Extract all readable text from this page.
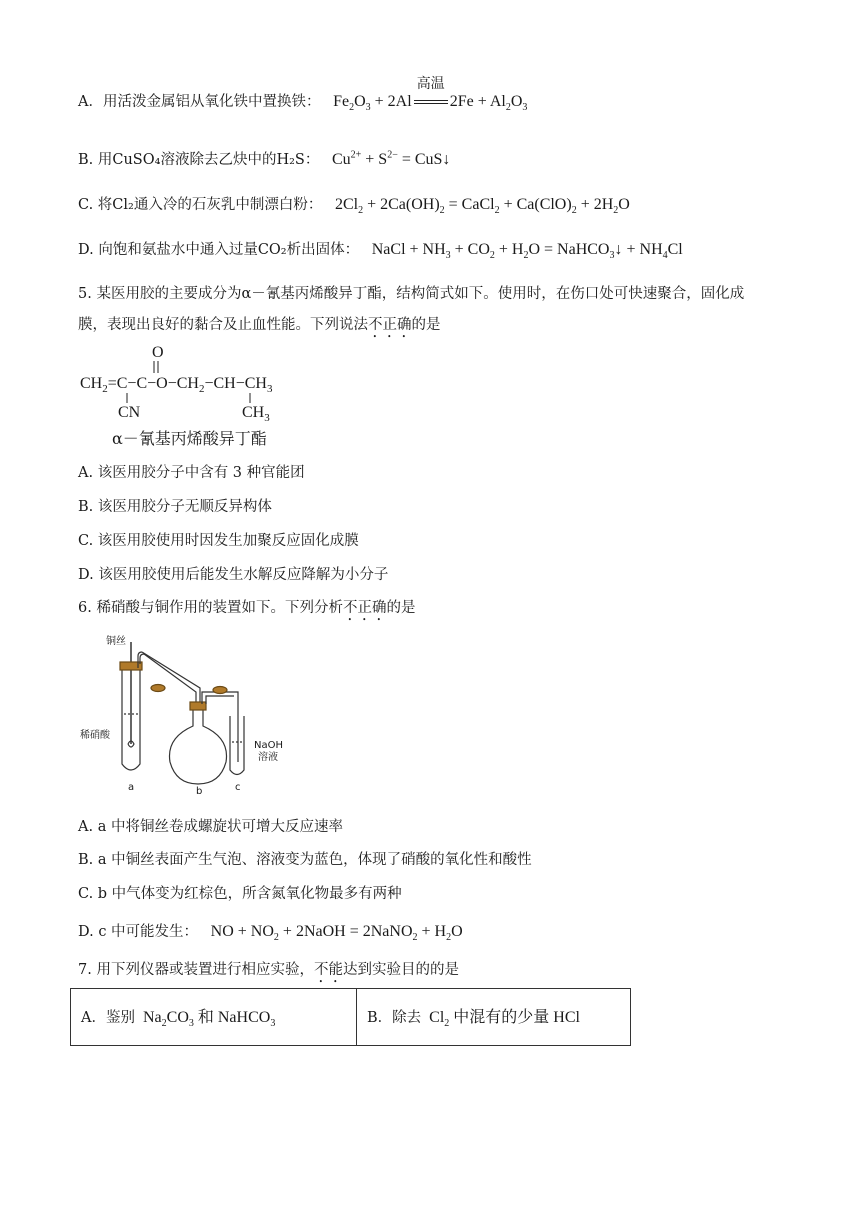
A．用活泼金属铝从氧化铁中置换铁： $Fe_2O_3 + 2Al$
高温
$2Fe + Al_2O_3$
B. 用CuSO₄溶液除去乙炔中的H₂S： $Cu^{2+} + S^{2-}$ = CuS↓
C. 将Cl₂通入冷的石灰乳中制漂白粉： $2Cl_2 + 2Ca(OH)_2$ = CaCl$_2$ + $Ca(ClO)_2 + 2H_2O$
D. 向饱和氨盐水中通入过量CO₂析出固体： NaCl + $NH_3 + CO_2 + H_2O$ = NaHCO$_3$↓ + $NH_4Cl$
5. 某医用胶的主要成分为α－氰基丙烯酸异丁酯，结构简式如下。使用时，在伤口处可快速聚合，固化成
膜，表现出良好的黏合及止血性能。下列说法不正确的是
O
$CH_2=C-C-O-CH_2-CH-CH_3$
CN	$CH_3$
α－氰基丙烯酸异丁酯
A. 该医用胶分子中含有 3 种官能团
B. 该医用胶分子无顺反异构体
C. 该医用胶使用时因发生加聚反应固化成膜
D. 该医用胶使用后能发生水解反应降解为小分子
6. 稀硝酸与铜作用的装置如下。下列分析不正确的是
铜丝
稀硝酸
NaOH
溶液
a	b	c
A. a 中将铜丝卷成螺旋状可增大反应速率
B. a 中铜丝表面产生气泡、溶液变为蓝色，体现了硝酸的氧化性和酸性
C. b 中气体变为红棕色，所含氮氧化物最多有两种
D. c 中可能发生： NO + $NO_2$ + 2NaOH = 2NaNO$_2$ + $H_2O$
7. 用下列仪器或装置进行相应实验，不能达到实验目的的是
A．鉴别 $Na_2CO_3$ 和 NaHCO$_3$	B．除去 $Cl_2$ 中混有的少量 HCl
